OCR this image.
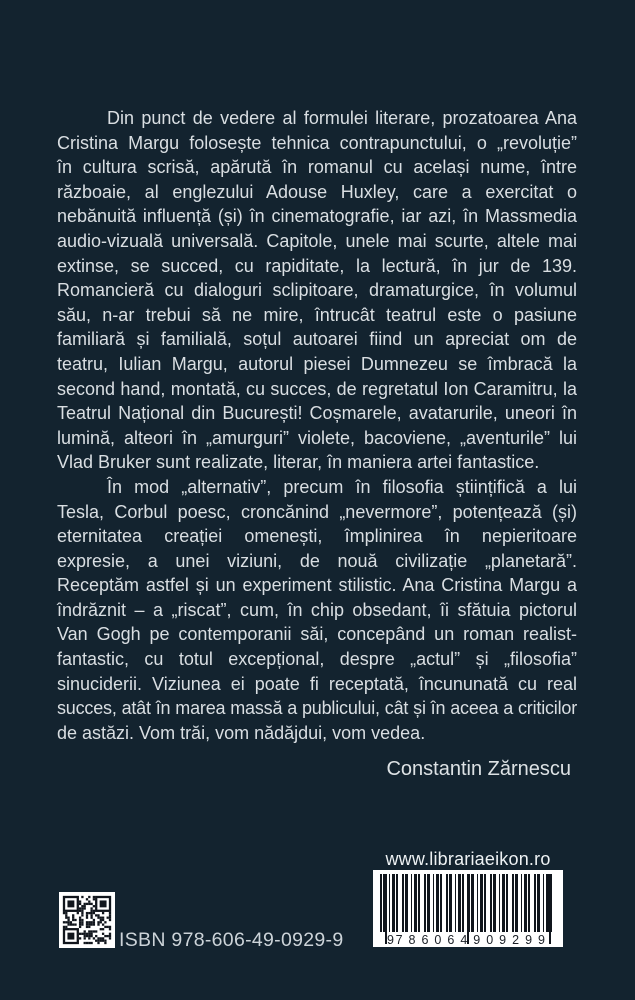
Din punct de vedere al formulei literare, prozatoarea Ana
Cristina Margu folosește tehnica contrapunctului, o „revoluție”
în cultura scrisă, apărută în romanul cu același nume, între
războaie, al englezului Adouse Huxley, care a exercitat o
nebănuită influență (și) în cinematografie, iar azi, în Massmedia
audio-vizuală universală. Capitole, unele mai scurte, altele mai
extinse, se succed, cu rapiditate, la lectură, în jur de 139.
Romancieră cu dialoguri sclipitoare, dramaturgice, în volumul
său, n-ar trebui să ne mire, întrucât teatrul este o pasiune
familiară și familială, soțul autoarei fiind un apreciat om de
teatru, Iulian Margu, autorul piesei Dumnezeu se îmbracă la
second hand, montată, cu succes, de regretatul Ion Caramitru, la
Teatrul Național din București! Coșmarele, avatarurile, uneori în
lumină, alteori în „amurguri” violete, bacoviene, „aventurile” lui
Vlad Bruker sunt realizate, literar, în maniera artei fantastice.
În mod „alternativ”, precum în filosofia științifică a lui
Tesla, Corbul poesc, croncănind „nevermore”, potențează (și)
eternitatea creației omenești, împlinirea în nepieritoare
expresie, a unei viziuni, de nouă civilizație „planetară”.
Receptăm astfel și un experiment stilistic. Ana Cristina Margu a
îndrăznit – a „riscat”, cum, în chip obsedant, îi sfătuia pictorul
Van Gogh pe contemporanii săi, concepând un roman realist-
fantastic, cu totul excepțional, despre „actul” și „filosofia”
sinuciderii. Viziunea ei poate fi receptată, încununată cu real
succes, atât în marea massă a publicului, cât și în aceea a criticilor
de astăzi. Vom trăi, vom nădăjdui, vom vedea.
Constantin Zărnescu
www.librariaeikon.ro
9 786064 909299
ISBN 978-606-49-0929-9
